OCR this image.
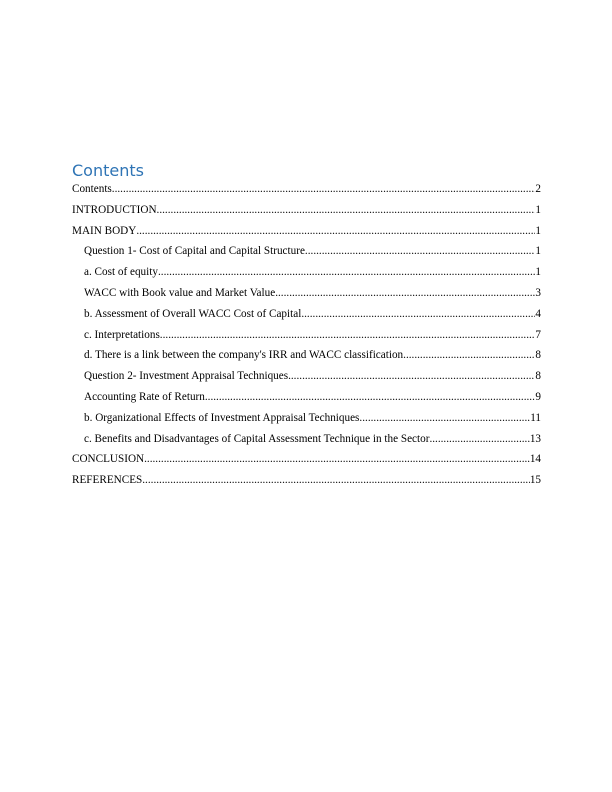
Contents
Contents .....	2
INTRODUCTION .....	1
MAIN BODY .....	1
Question 1- Cost of Capital and Capital Structure .....	1
a. Cost of equity .....	1
WACC with Book value and Market Value .....	3
b. Assessment of Overall WACC Cost of Capital .....	4
c. Interpretations .....	7
d. There is a link between the company's IRR and WACC classification .....	8
Question 2- Investment Appraisal Techniques .....	8
Accounting Rate of Return .....	9
b. Organizational Effects of Investment Appraisal Techniques .....	11
c. Benefits and Disadvantages of Capital Assessment Technique in the Sector .....	13
CONCLUSION .....	14
REFERENCES .....	15
